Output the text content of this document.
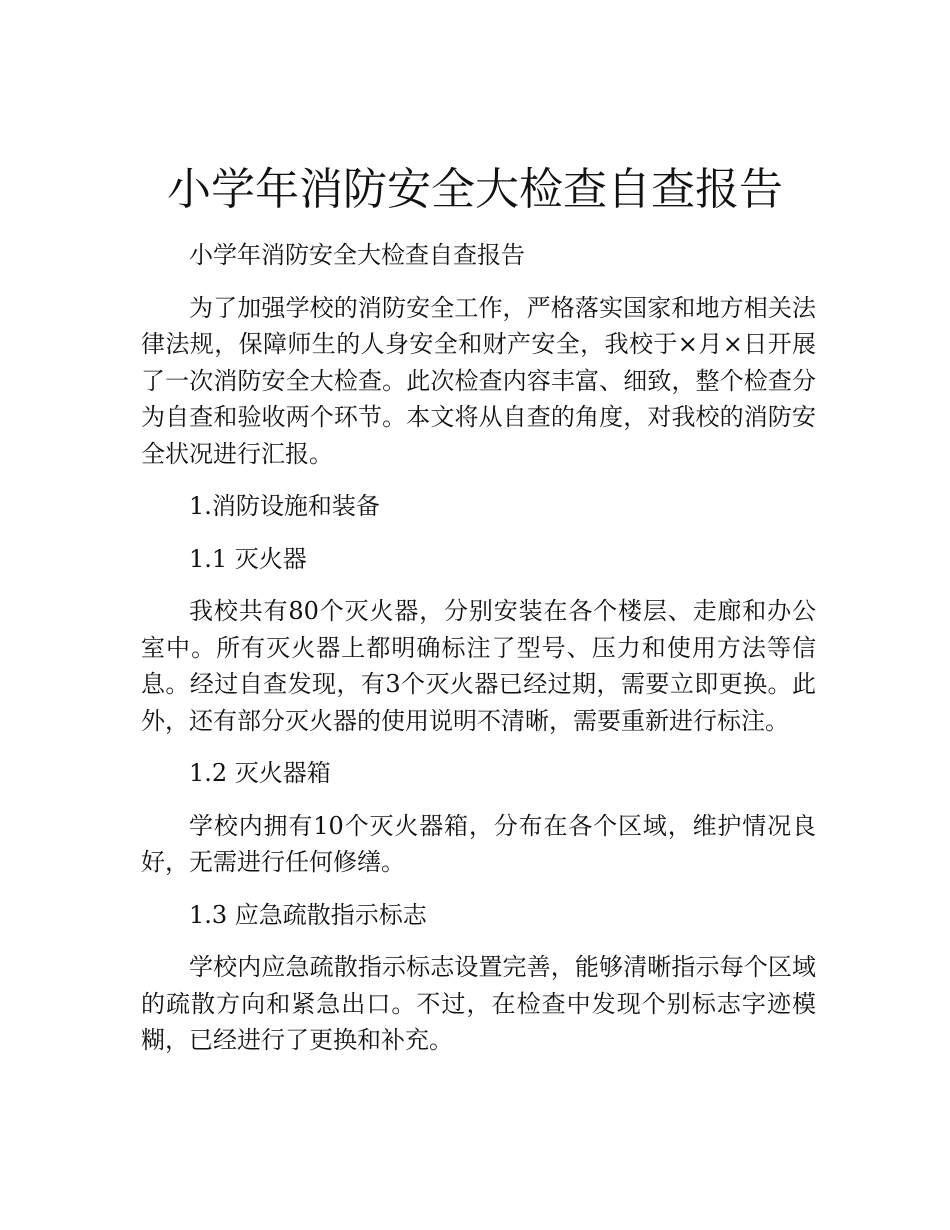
小学年消防安全大检查自查报告

小学年消防安全大检查自查报告

为了加强学校的消防安全工作，严格落实国家和地方相关法律法规，保障师生的人身安全和财产安全，我校于×月×日开展了一次消防安全大检查。此次检查内容丰富、细致，整个检查分为自查和验收两个环节。本文将从自查的角度，对我校的消防安全状况进行汇报。

1.消防设施和装备

1.1 灭火器

我校共有80个灭火器，分别安装在各个楼层、走廊和办公室中。所有灭火器上都明确标注了型号、压力和使用方法等信息。经过自查发现，有3个灭火器已经过期，需要立即更换。此外，还有部分灭火器的使用说明不清晰，需要重新进行标注。

1.2 灭火器箱

学校内拥有10个灭火器箱，分布在各个区域，维护情况良好，无需进行任何修缮。

1.3 应急疏散指示标志

学校内应急疏散指示标志设置完善，能够清晰指示每个区域的疏散方向和紧急出口。不过，在检查中发现个别标志字迹模糊，已经进行了更换和补充。
